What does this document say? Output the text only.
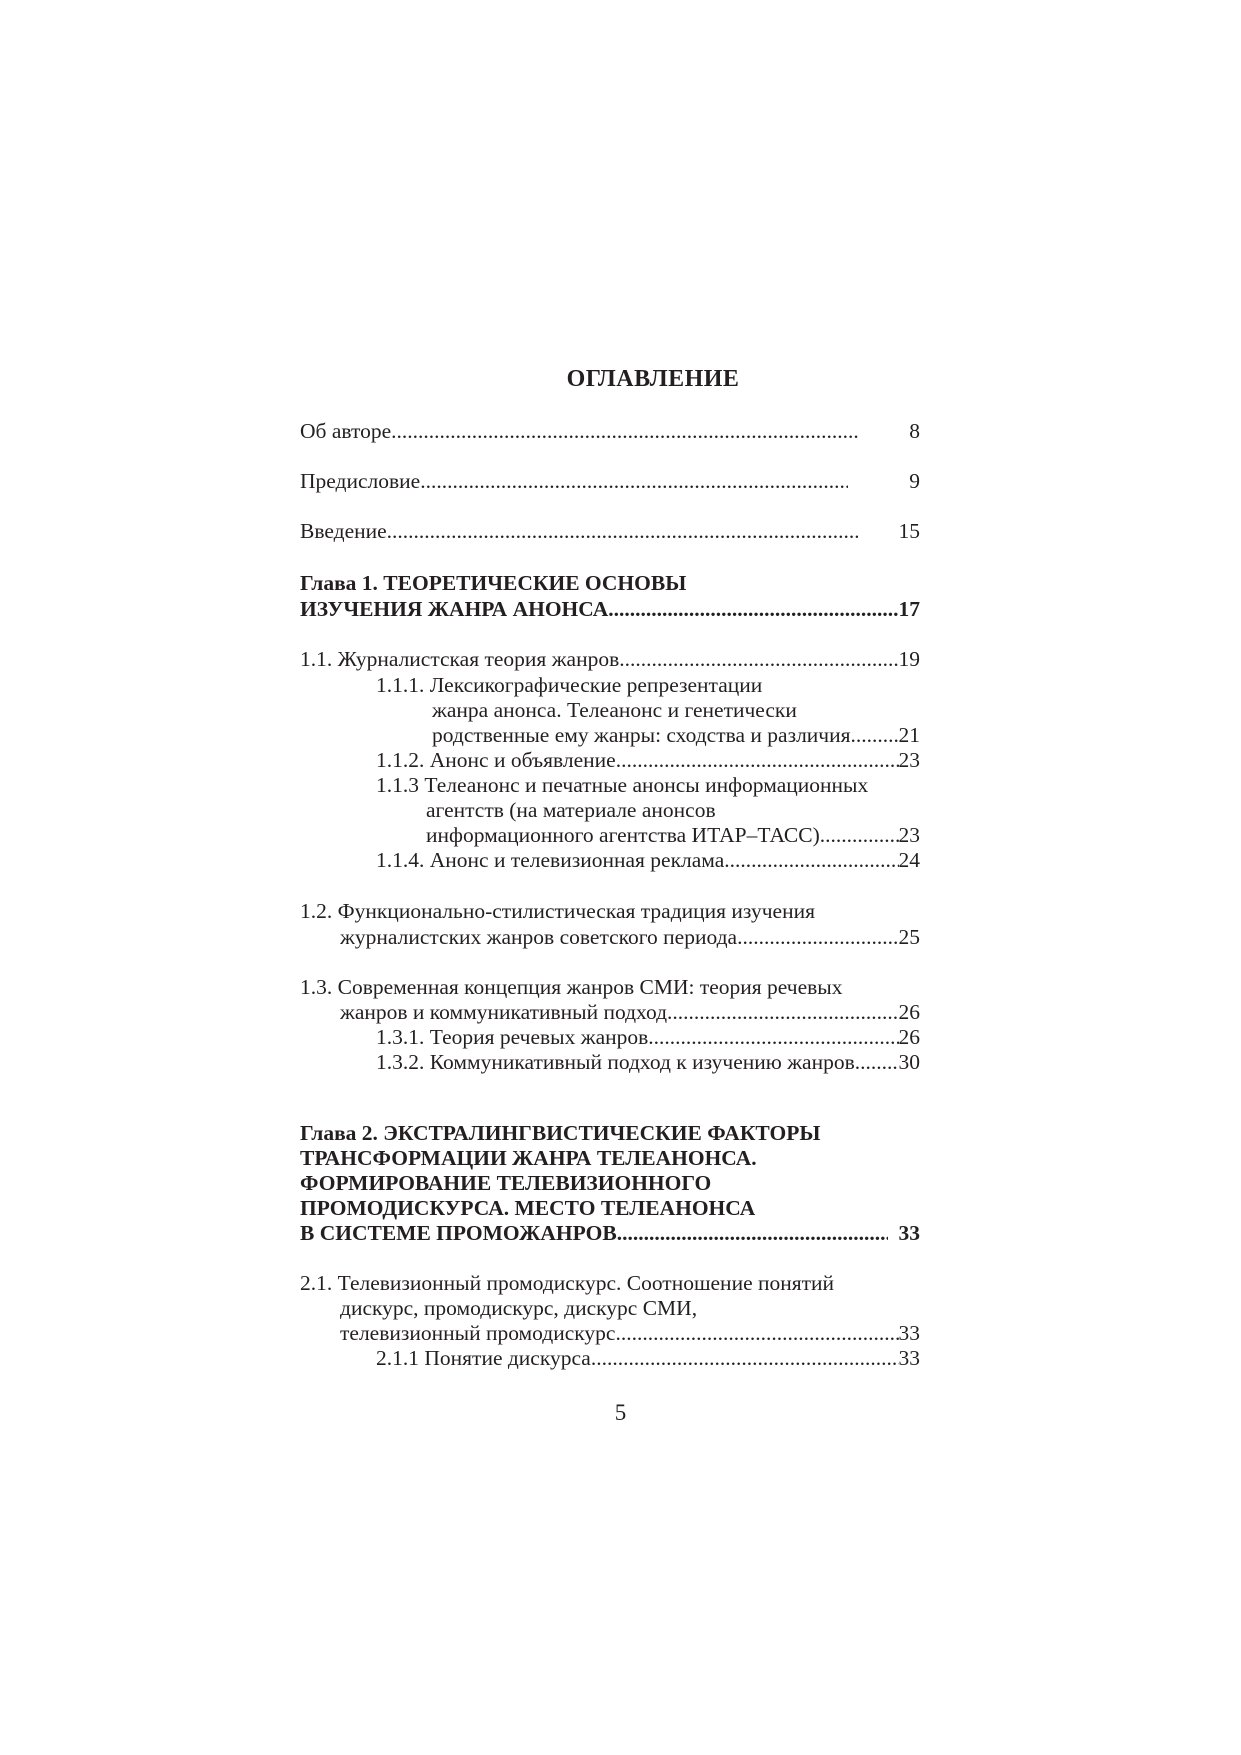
ОГЛАВЛЕНИЕ
Об авторе .....	8
Предисловие .....	9
Введение .....	15
Глава 1. ТЕОРЕТИЧЕСКИЕ ОСНОВЫ
ИЗУЧЕНИЯ ЖАНРА АНОНСА .....	17
1.1. Журналистская теория жанров .....	19
1.1.1. Лексикографические репрезентации
жанра анонса. Телеанонс и генетически
родственные ему жанры: сходства и различия ..... 21
1.1.2. Анонс и объявление .....	23
1.1.3 Телеанонс и печатные анонсы информационных
агентств (на материале анонсов
информационного агентства ИТАР–ТАСС) .....	23
1.1.4. Анонс и телевизионная реклама .....	24
1.2. Функционально-стилистическая традиция изучения
журналистских жанров советского периода .....	25
1.3. Современная концепция жанров СМИ: теория речевых
жанров и коммуникативный подход .....	26
1.3.1. Теория речевых жанров .....	26
1.3.2. Коммуникативный подход к изучению жанров ..... 30
Глава 2. ЭКСТРАЛИНГВИСТИЧЕСКИЕ ФАКТОРЫ
ТРАНСФОРМАЦИИ ЖАНРА ТЕЛЕАНОНСА.
ФОРМИРОВАНИЕ ТЕЛЕВИЗИОННОГО
ПРОМОДИСКУРСА. МЕСТО ТЕЛЕАНОНСА
В СИСТЕМЕ ПРОМОЖАНРОВ .....	33
2.1. Телевизионный промодискурс. Соотношение понятий
дискурс, промодискурс, дискурс СМИ,
телевизионный промодискурс .....	33
2.1.1 Понятие дискурса .....	33
5
